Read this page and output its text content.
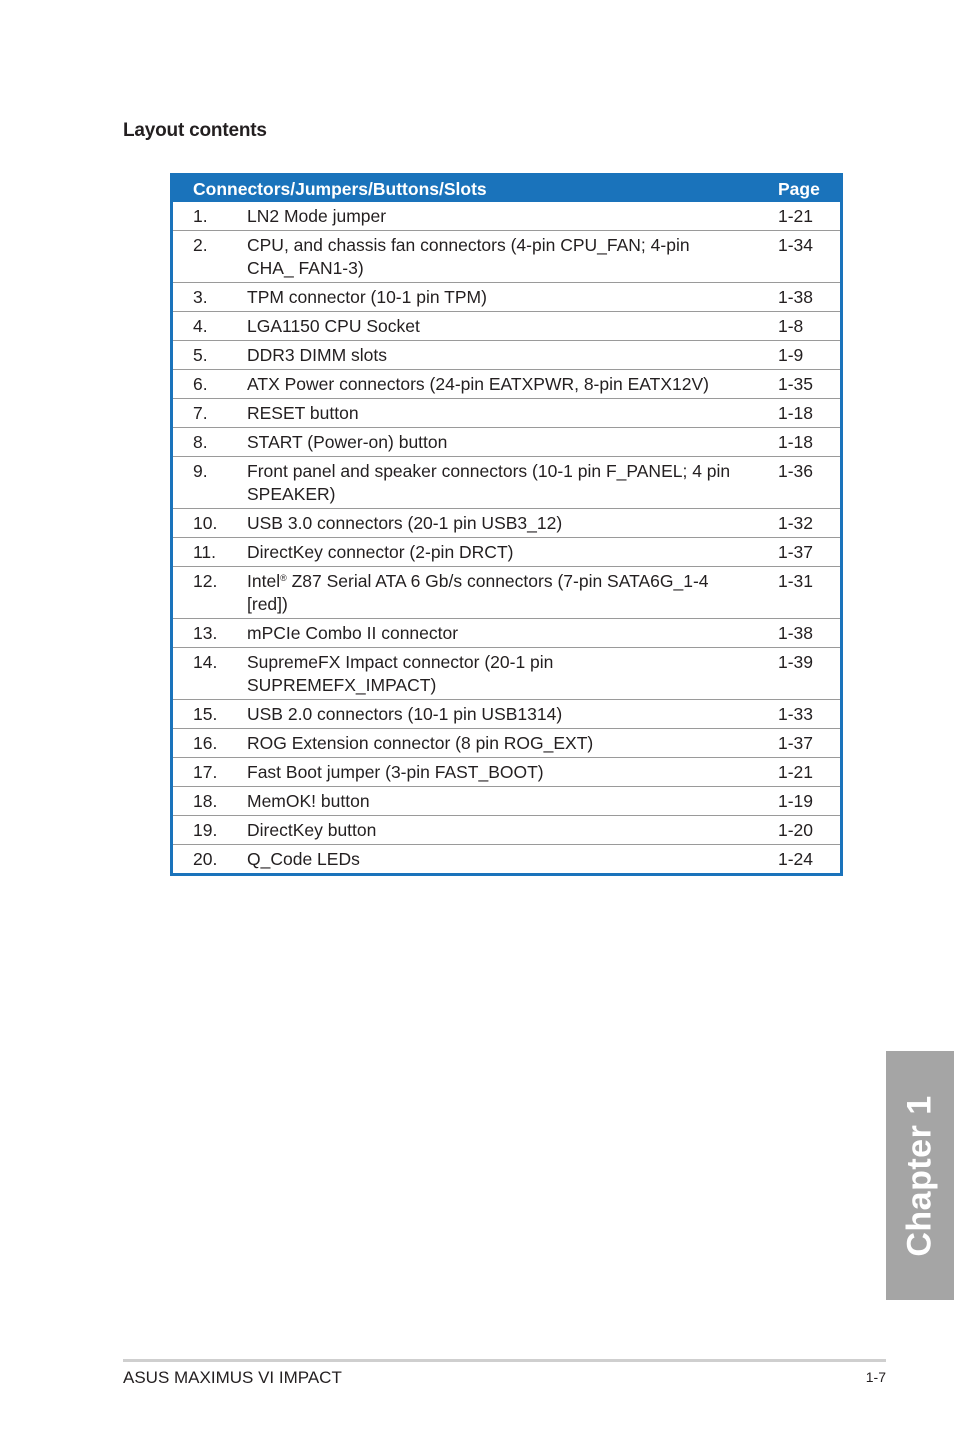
Layout contents
Connectors/Jumpers/Buttons/Slots		Page
1.	LN2 Mode jumper	1-21
2.	CPU, and chassis fan connectors (4-pin CPU_FAN; 4-pin CHA_ FAN1-3)	1-34
3.	TPM connector (10-1 pin TPM)	1-38
4.	LGA1150 CPU Socket	1-8
5.	DDR3 DIMM slots	1-9
6.	ATX Power connectors (24-pin EATXPWR, 8-pin EATX12V)	1-35
7.	RESET button	1-18
8.	START (Power-on) button	1-18
9.	Front panel and speaker connectors (10-1 pin F_PANEL; 4 pin SPEAKER)	1-36
10.	USB 3.0 connectors (20-1 pin USB3_12)	1-32
11.	DirectKey connector (2-pin DRCT)	1-37
12.	Intel® Z87 Serial ATA 6 Gb/s connectors (7-pin SATA6G_1-4 [red])	1-31
13.	mPCIe Combo II connector	1-38
14.	SupremeFX Impact connector (20-1 pin SUPREMEFX_IMPACT)	1-39
15.	USB 2.0 connectors (10-1 pin USB1314)	1-33
16.	ROG Extension connector (8 pin ROG_EXT)	1-37
17.	Fast Boot jumper (3-pin FAST_BOOT)	1-21
18.	MemOK! button	1-19
19.	DirectKey button	1-20
20.	Q_Code LEDs	1-24
Chapter 1
ASUS MAXIMUS VI IMPACT	1-7
